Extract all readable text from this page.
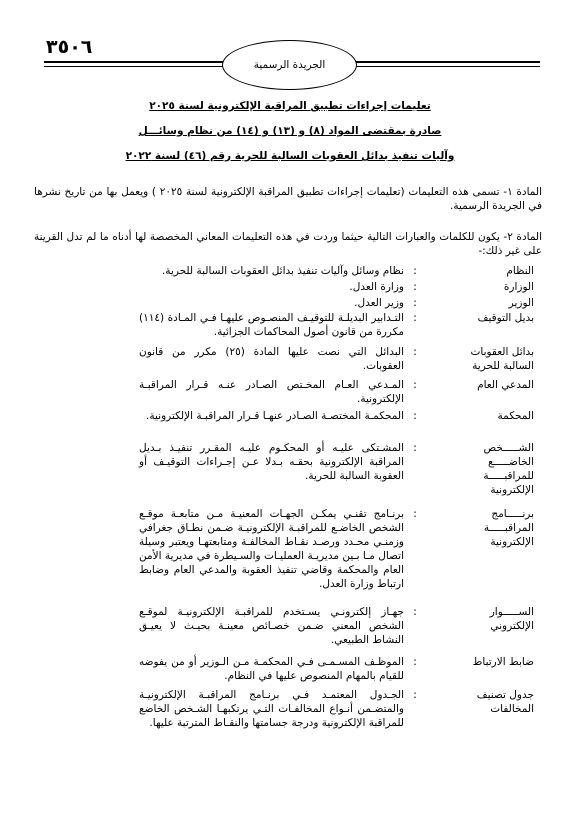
٣٥٠٦
الجريدة الرسمية
تعليمات إجراءات تطبيق المراقبة الإلكترونية لسنة ٢٠٢٥
صادرة بمقتضى المواد (٨) و (١٣) و (١٤) من نظام وسائـــل
وآليات تنفيذ بدائل العقوبات السالبة للحرية رقم (٤٦) لسنة ٢٠٢٢
المادة ١- تسمى هذه التعليمات (تعليمات إجراءات تطبيق المراقبة الإلكترونية لسنة ٢٠٢٥ ) ويعمل بها من تاريخ نشرها في الجريدة الرسمية.
المادة ٢- يكون للكلمات والعبارات التالية حيثما وردت في هذه التعليمات المعاني المخصصة لها أدناه ما لم تدل القرينة على غير ذلك:-
النظام
:
نظام وسائل وآليات تنفيذ بدائل العقوبات السالبة للحرية.
الوزارة
:
وزارة العدل.
الوزير
:
وزير العدل.
بديل التوقيف
:
التـدابير البديلـة للتوقيـف المنصـوص عليهـا فـي المـادة (١١٤) مكررة من قانون أصول المحاكمات الجزائية.
بدائل العقوبات السالبة للحرية
:
البدائل التي نصت عليها المادة (٢٥) مكرر من قانون العقوبات.
المدعي العام
:
المـدعي العـام المخـتص الصـادر عنـه قـرار المراقبـة الإلكترونية.
المحكمة
:
المحكمـة المختصـة الصـادر عنهـا قـرار المراقبـة الإلكترونية.
الشـــــخص الخاضـــــع للمراقبـــــة الإلكترونية
:
المشـتكى عليـه أو المحكـوم عليـه المقـرر تنفيـذ بـديل المراقبة الإلكترونية بحقـه بـدلا عـن إجـراءات التوقيـف أو العقوبة السالبة للحرية.
برنـــــامج المراقبـــــة الإلكترونية
:
برنـامج تقنـي يمكـن الجهـات المعنيـة مـن متابعـة موقـع الشخص الخاضـع للمراقبـة الإلكترونيـة ضـمن نطـاق جغرافي وزمنـي محـدد ورصـد نقـاط المخالفـة ومتابعتهـا ويعتبر وسيلة اتصال مـا بـين مديريـة العمليـات والسـيطرة في مديرية الأمن العام والمحكمة وقاضي تنفيذ العقوبة والمدعي العام وضابط ارتباط وزارة العدل.
الســـــوار الإلكتروني
:
جهـاز إلكترونـي يسـتخدم للمراقبـة الإلكترونيـة لموقـع الشخص المعني ضـمن خصـائص معينـة بحيـث لا يعيـق النشاط الطبيعي.
ضابط الارتباط
:
الموظـف المسـمـى فـي المحكمـة مـن الـوزير أو من يفوضه للقيام بالمهام المنصوص عليها في النظام.
جدول تصنيف المخالفات
:
الجـدول المعتمـد فـي برنـامج المراقبـة الإلكترونيـة والمتضـمن أنـواع المخالفـات التـي يرتكبهـا الشـخص الخاضع للمراقبة الإلكترونية ودرجة جسامتها والنقـاط المترتبة عليها.
